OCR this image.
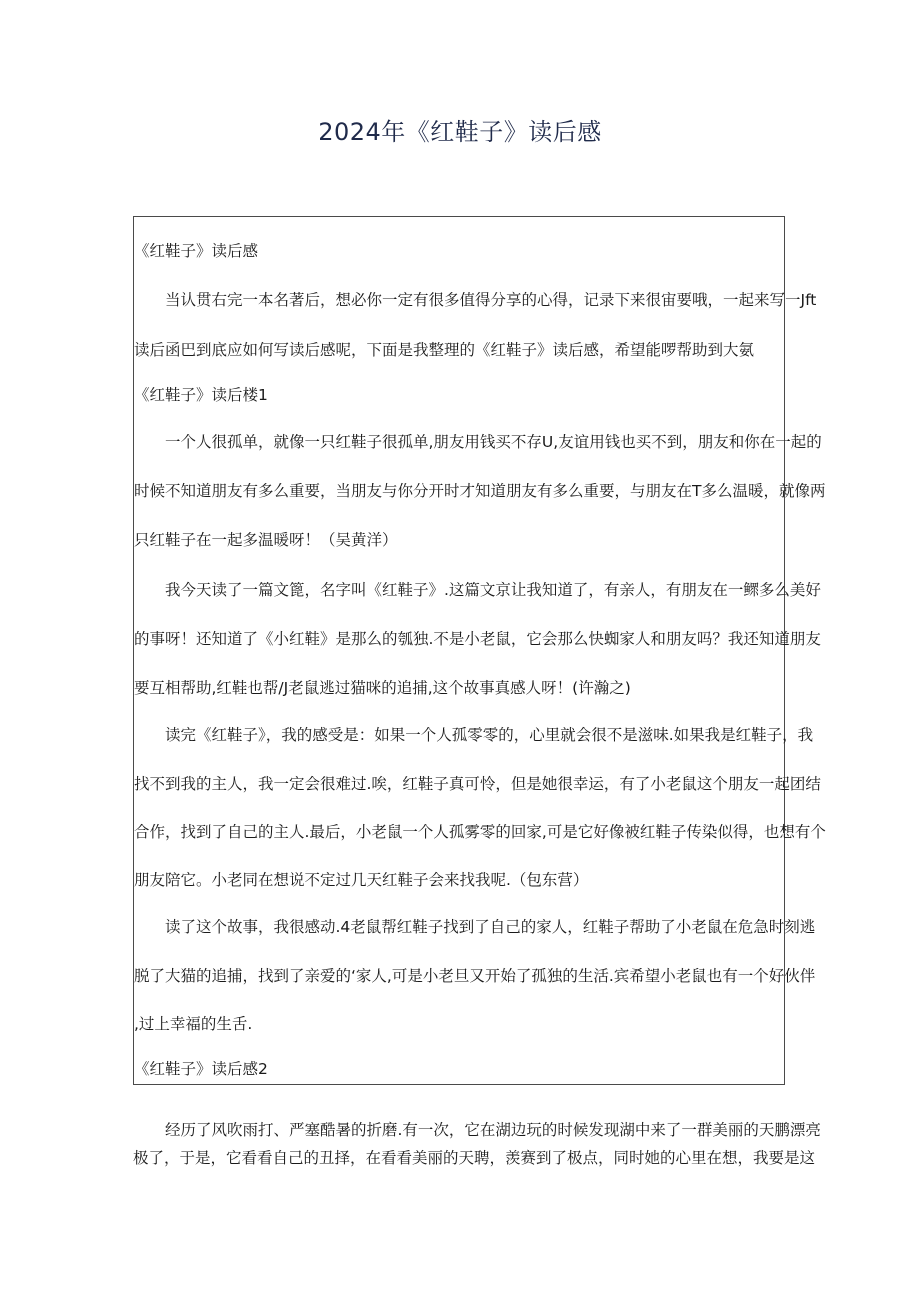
2024年《红鞋子》读后感
《红鞋子》读后感
　　当认贯右完一本名著后，想必你一定有很多值得分享的心得，记录下来很宙要哦，一起来写一Jft
读后函巴到底应如何写读后感呢，下面是我整理的《红鞋子》读后感，希望能啰帮助到大氨
《红鞋子》读后楼1
　　一个人很孤单，就像一只红鞋子很孤单,朋友用钱买不存U,友谊用钱也买不到，朋友和你在一起的
时候不知道朋友有多么重要，当朋友与你分开时才知道朋友有多么重要，与朋友在T多么温暖，就像两
只红鞋子在一起多温暖呀！（吴黄洋）
　　我今天读了一篇文篦，名字叫《红鞋子》.这篇文京让我知道了，有亲人，有朋友在一鳏多么美好
的事呀！还知道了《小红鞋》是那么的瓠独.不是小老鼠，它会那么快蜘家人和朋友吗？我还知道朋友
要互相帮助,红鞋也帮/J老鼠逃过猫咪的追捕,这个故事真感人呀！(许瀚之)
　　读完《红鞋子》，我的感受是：如果一个人孤零零的，心里就会很不是滋味.如果我是红鞋子，我
找不到我的主人，我一定会很难过.唉，红鞋子真可怜，但是她很幸运，有了小老鼠这个朋友一起团结
合作，找到了自己的主人.最后，小老鼠一个人孤雾零的回家,可是它好像被红鞋子传染似得，也想有个
朋友陪它。小老同在想说不定过几天红鞋子会来找我呢.（包东营）
　　读了这个故事，我很感动.4老鼠帮红鞋子找到了自己的家人，红鞋子帮助了小老鼠在危急时刻逃
脱了大猫的追捕，找到了亲爱的‘家人,可是小老旦又开始了孤独的生活.宾希望小老鼠也有一个好伙伴
,过上幸福的生舌.
《红鞋子》读后感2
经历了风吹雨打、严塞酷暑的折磨.有一次，它在湖边玩的时候发现湖中来了一群美丽的天鹏漂亮
极了，于是，它看看自己的丑择，在看看美丽的天聘，羡赛到了极点，同时她的心里在想，我要是这
